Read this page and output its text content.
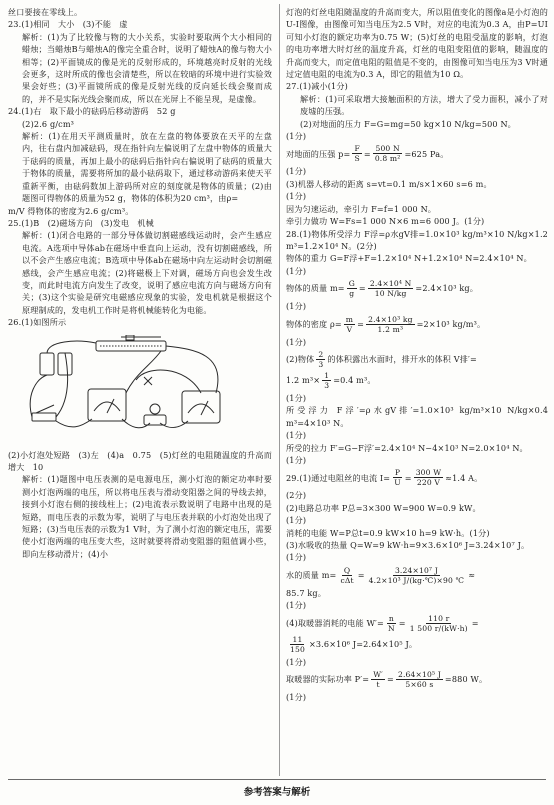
丝口要接在零线上。

23.(1)相同　大小　(3)不能　虚

解析：(1)为了比较像与物的大小关系，实验时要取两个大小相同的蜡烛；当蜡烛B与蜡烛A的像完全重合时，说明了蜡烛A的像与物大小相等；(2)平面镜成的像是光的反射形成的，环境越亮时反射的光线会更多，这时所成的像也会清楚些，所以在较暗的环境中进行实验效果会好些；(3)平面镜所成的像是反射光线的反向延长线会聚而成的，并不是实际光线会聚而成，所以在光屏上不能呈现，是虚像。

24.(1)右　取下最小的砝码后移动游码　52 g

(2)2.6 g/cm³

解析：(1)在用天平测质量时，放在左盘的物体要放在天平的左盘内，往右盘内加减砝码，现在指针向左偏说明了左盘中物体的质量大于砝码的质量，再加上最小的砝码后指针向右偏说明了砝码的质量大于物体的质量，需要将所加的最小砝码取下，通过移动游码来使天平重新平衡，由砝码数加上游码所对应的刻度就是物体的质量；(2)由题图可得物体的质量为52 g，物体的体积为20 cm³，由ρ=

m/V 得物体的密度为2.6 g/cm³。

25.(1)B　(2)磁场方向　(3)发电　机械

解析：(1)闭合电路的一部分导体做切割磁感线运动时，会产生感应电流。A选项中导体ab在磁场中垂直向上运动，没有切割磁感线，所以不会产生感应电流；B选项中导体ab在磁场中向左运动时会切割磁感线，会产生感应电流；(2)将磁极上下对调，磁场方向也会发生改变，而此时电流方向发生了改变，说明了感应电流方向与磁场方向有关；(3)这个实验是研究电磁感应现象的实验，发电机就是根据这个原理制成的，发电机工作时是将机械能转化为电能。

26.(1)如图所示

(2)小灯泡处短路　(3)左　(4)a　0.75　(5)灯丝的电阻随温度的升高而增大　10

解析：(1)题图中电压表测的是电源电压，测小灯泡的额定功率时要测小灯泡两端的电压，所以将电压表与滑动变阻器之间的导线去掉，接到小灯泡右侧的接线柱上；(2)电流表示数说明了电路中出现的是短路，而电压表的示数为零，说明了与电压表并联的小灯泡处出现了短路；(3)当电压表的示数为1 V时，为了测小灯泡的额定电压，需要使小灯泡两端的电压变大些，这时就要将滑动变阻器的阻值调小些，即向左移动滑片；(4)小

灯泡的灯丝电阻随温度的升高而变大，所以阻值变化的图像a是小灯泡的U-I图像，由图像可知当电压为2.5 V时，对应的电流为0.3 A，由P=UI可知小灯泡的额定功率为0.75 W；(5)灯丝的电阻受温度的影响，灯泡的电功率增大时灯丝的温度升高，灯丝的电阻变阻值的影响，随温度的升高而变大，而定值电阻的阻值是不变的，由图像可知当电压为3 V时通过定值电阻的电流为0.3 A，即它的阻值为10 Ω。

27.(1)减小(1分)

解析：(1)可采取增大接触面积的方法，增大了受力面积，减小了对废墟的压强。

(2)对地面的压力 F=G=mg=50 kg×10 N/kg=500 N。

(1分)

对地面的压强 $p= \frac{F}{S} = \frac{500 N}{\text{0.8 m²}} =625$ Pa。

(1分)

(3)机器人移动的距离 s=vt=0.1 m/s×1×60 s=6 m。

(1分)

因为匀速运动，牵引力 F=f=1 000 N。

牵引力做功 W=Fs=1 000 N×6 m=6 000 J。(1分)

28.(1)物体所受浮力 F浮=ρ水gV排=1.0×10³ kg/m³×10 N/kg×1.2 m³=1.2×10⁴ N。(2分)

物体的重力 G=F浮+F=1.2×10⁴ N+1.2×10⁴ N=2.4×10⁴ N。

(1分)

物体的质量 $m= \frac{G}{g} = \frac{\text{2.4×10⁴ N}}{10 N/kg} =2.4\times 10^3$ kg。

(1分)

物体的密度 $\rho= \frac{m}{V} = \frac{\text{2.4×10³ kg}}{\text{1.2 m³}} =2\times 10^3$ kg/m³。

(1分)

(2)物体 $\frac{2}{3}$ 的体积露出水面时，排开水的体积 V排′=
1.2 $m^3\times \frac{1}{3} =0.4$ m³。

(1分)

所受浮力 F浮′=ρ水gV排′=1.0×10³ kg/m³×10 N/kg×0.4 m³=4×10³ N。

(1分)

所受的拉力 F′=G−F浮′=2.4×10⁴ N−4×10³ N=2.0×10⁴ N。

(1分)

29.(1)通过电阻丝的电流 $I= \frac{P}{U} = \frac{300 W}{220 V} \approx 1.4$ A。

(2分)

(2)电路总功率 P总=3×300 W=900 W=0.9 kW。

(1分)

消耗的电能 W=P总t=0.9 kW×10 h=9 kW·h。(1分)

(3)水吸收的热量 Q=W=9 kW·h=9×3.6×10⁶ J=3.24×10⁷ J。

(1分)

水的质量 $m= \frac{Q}{\text{cΔt}} = \frac{\text{3.24×10⁷ J}}{\text{4.2×10³ J/(kg·℃)×90 ℃}}$ ≈

85.7 kg。

(1分)

(4)取暖器消耗的电能 $W'= \frac{n}{N} = \frac{110 r}{1 500 r/(kW\cdot h)}$ =
$\frac{11}{150} \times 3.6\times 10^6$ J=2.64×10⁵ J。

(1分)

取暖器的实际功率 $P'= \frac{W'}{t} = \frac{\text{2.64×10⁵ J}}{5\times 60 s} =880$ W。

(1分)

参考答案与解析
